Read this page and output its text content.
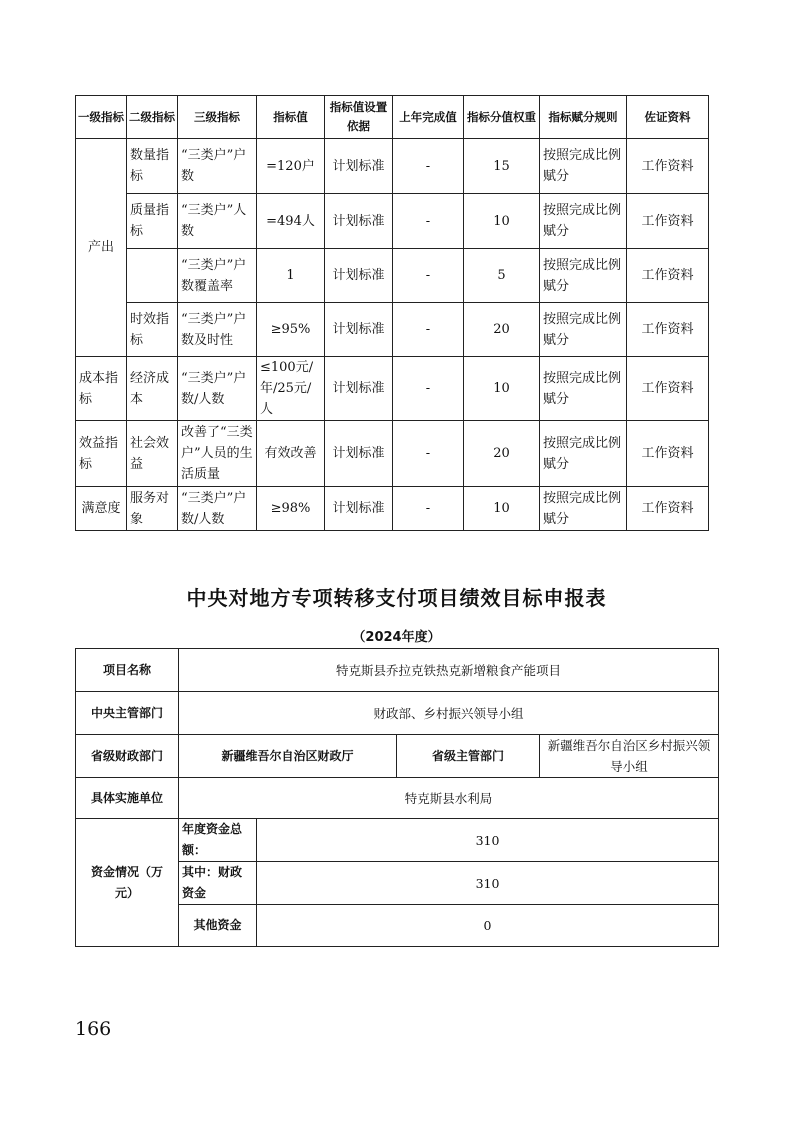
一级指标	二级指标	三级指标	指标值	指标值设置依据	上年完成值	指标分值权重	指标赋分规则	佐证资料
产出	数量指标	“三类户”户数	=120户	计划标准	-	15	按照完成比例赋分	工作资料
	质量指标	“三类户”人数	=494人	计划标准	-	10	按照完成比例赋分	工作资料
		“三类户”户数覆盖率	1	计划标准	-	5	按照完成比例赋分	工作资料
	时效指标	“三类户”户数及时性	≥95%	计划标准	-	20	按照完成比例赋分	工作资料
成本指标	经济成本	“三类户”户数/人数	≤100元/年/25元/人	计划标准	-	10	按照完成比例赋分	工作资料
效益指标	社会效益	改善了“三类户”人员的生活质量	有效改善	计划标准	-	20	按照完成比例赋分	工作资料
满意度	服务对象	“三类户”户数/人数	≥98%	计划标准	-	10	按照完成比例赋分	工作资料
中央对地方专项转移支付项目绩效目标申报表
（2024年度）
项目名称	特克斯县乔拉克铁热克新增粮食产能项目			
中央主管部门	财政部、乡村振兴领导小组			
省级财政部门	新疆维吾尔自治区财政厅		省级主管部门	新疆维吾尔自治区乡村振兴领导小组
具体实施单位	特克斯县水利局			
资金情况（万元）	年度资金总额：	310		
	其中：财政资金	310		
	其他资金	0		
166
